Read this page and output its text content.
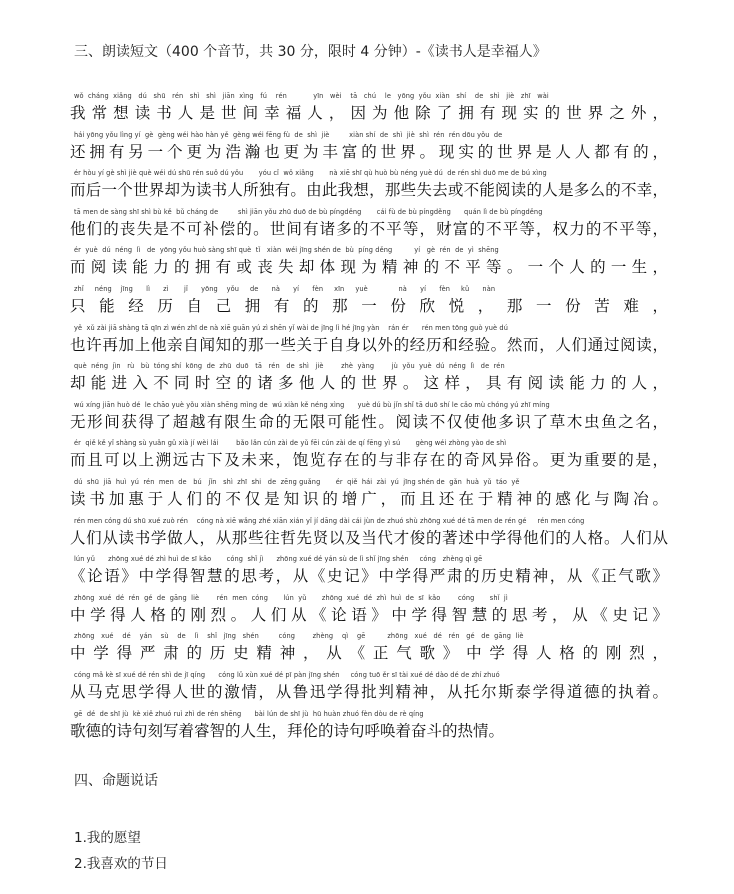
三、朗读短文（400 个音节，共 30 分，限时 4 分钟）-《读书人是幸福人》
wǒ  cháng  xiǎng   dú   shū   rén   shì   shì   jiān  xìng   fú    rén            yīn   wèi    tā   chú    le   yōng  yǒu  xiàn   shí    de   shì   jiè   zhī   wài
我常想读书人是世间幸福人，因为他除了拥有现实的世界之外，
hái yōng yǒu lìng yí  gè  gèng wéi hào hàn yě  gèng wéi fēng fù  de  shì  jiè         xiàn shí  de  shì  jiè  shì  rén  rén dōu yǒu  de
还拥有另一个更为浩瀚也更为丰富的世界。现实的世界是人人都有的，
ér hòu yí gè shì jiè què wéi dú shū rén suǒ dú yǒu       yóu cǐ  wǒ xiǎng       nà xiē shī qù huò bù néng yuè dú  de rén shì duō me de bú xìng
而后一个世界却为读书人所独有。由此我想，那些失去或不能阅读的人是多么的不幸，
tā men de sàng shī shì bù kě  bǔ cháng de         shì jiān yǒu zhū duō de bù píngděng       cái fù de bù píngděng      quán lì de bù píngděng
他们的丧失是不可补偿的。世间有诸多的不平等，财富的不平等，权力的不平等，
ér  yuè  dú  néng  lì   de  yōng yǒu huò sàng shī què  tǐ   xiàn  wéi jīng shén de  bù  píng děng          yí   gè  rén  de  yì  shēng
而阅读能力的拥有或丧失却体现为精神的不平等。一个人的一生，
zhǐ     néng    jīng      lì      zì       jǐ      yōng    yǒu     de      nà      yí      fèn     xīn     yuè              nà      yí      fèn     kǔ      nàn
只能经历自己拥有的那一份欣悦，那一份苦难，
yě  xǔ zài jiā shàng tā qīn zì wén zhī de nà xiē guān yú zì shēn yǐ wài de jīng lì hé jīng yàn    rán ér      rén men tōng guò yuè dú
也许再加上他亲自闻知的那一些关于自身以外的经历和经验。然而，人们通过阅读，
què  néng  jìn   rù   bù  tóng shí  kōng  de  zhū  duō   tā   rén   de  shì   jiè        zhè  yàng        jù  yǒu  yuè  dú  néng  lì   de  rén
却能进入不同时空的诸多他人的世界。这样，具有阅读能力的人，
wú xíng jiān huò dé  le chāo yuè yǒu xiàn shēng mìng de  wú xiàn kě néng xìng      yuè dú bù jǐn shǐ tā duō shí le cǎo mù chóng yú zhī míng
无形间获得了超越有限生命的无限可能性。阅读不仅使他多识了草木虫鱼之名，
ér  qiě kě yǐ shàng sù yuǎn gǔ xià jí wèi lái        bǎo lǎn cún zài de yǔ fēi cún zài de qí fēng yì sú       gèng wéi zhòng yào de shì
而且可以上溯远古下及未来，饱览存在的与非存在的奇风异俗。更为重要的是，
dú  shū  jiā  huì  yú  rén  men  de   bú   jǐn   shì  zhī  shi   de  zēng guǎng       ér  qiě  hái  zài  yú  jīng shén de  gǎn  huà  yǔ  táo  yě
读书加惠于人们的不仅是知识的增广，而且还在于精神的感化与陶冶。
rén men cóng dú shū xué zuò rén    cóng nà xiē wǎng zhé xiān xián yǐ jí dāng dài cái jùn de zhuó shù zhōng xué dé tā men de rén gé     rén men cóng
人们从读书学做人，从那些往哲先贤以及当代才俊的著述中学得他们的人格。人们从
lún yǔ      zhōng xué dé zhì huì de sī kǎo       cóng  shǐ jì      zhōng xué dé yán sù de lì shǐ jīng shén     cóng   zhèng qì gē
《论语》中学得智慧的思考，从《史记》中学得严肃的历史精神，从《正气歌》
zhōng  xué  dé  rén  gé  de  gāng  liè        rén  men  cóng       lún  yǔ       zhōng  xué  dé  zhì  huì  de  sī  kǎo        cóng       shǐ  jì
中学得人格的刚烈。人们从《论语》中学得智慧的思考，从《史记》
zhōng   xué    dé    yán    sù    de    lì    shǐ   jīng   shén         cóng        zhèng    qì    gē          zhōng   xué   dé   rén   gé   de  gāng  liè
中学得严肃的历史精神，从《正气歌》中学得人格的刚烈，
cóng mǎ kè sī xué dé rén shì de jī qíng      cóng lǔ xùn xué dé pī pàn jīng shén     cóng tuō ěr sī tài xué dé dào dé de zhí zhuó
从马克思学得人世的激情，从鲁迅学得批判精神，从托尔斯泰学得道德的执着。
gē  dé  de shī jù  kè xiě zhuó ruì zhì de rén shēng      bài lún de shī jù  hū huàn zhuó fèn dòu de rè qíng
歌德的诗句刻写着睿智的人生，拜伦的诗句呼唤着奋斗的热情。
四、命题说话
1.我的愿望
2.我喜欢的节日
